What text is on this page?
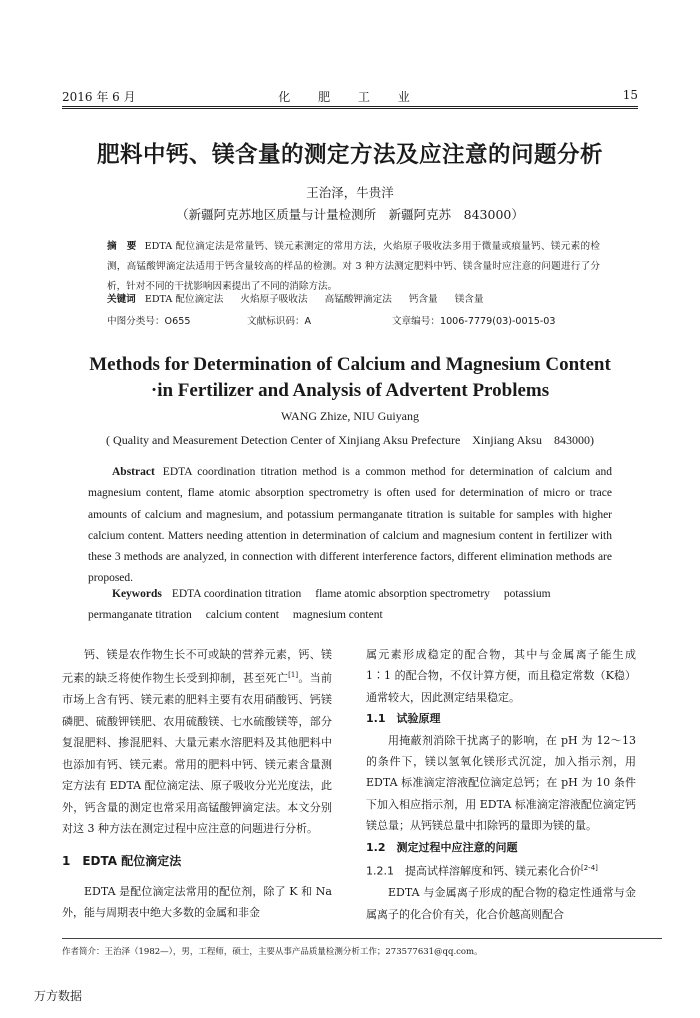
2016 年 6 月	化 肥 工 业	15
肥料中钙、镁含量的测定方法及应注意的问题分析
王治泽，牛贵洋
（新疆阿克苏地区质量与计量检测所　新疆阿克苏　843000）
摘　要 EDTA 配位滴定法是常量钙、镁元素测定的常用方法，火焰原子吸收法多用于微量或痕量钙、镁元素的检测，高锰酸钾滴定法适用于钙含量较高的样品的检测。对 3 种方法测定肥料中钙、镁含量时应注意的问题进行了分析，针对不同的干扰影响因素提出了不同的消除方法。
关键词 EDTA 配位滴定法 火焰原子吸收法 高锰酸钾滴定法 钙含量 镁含量
中图分类号：O655	文献标识码：A	文章编号：1006-7779(03)-0015-03
Methods for Determination of Calcium and Magnesium Content
·in Fertilizer and Analysis of Advertent Problems
WANG Zhize, NIU Guiyang
( Quality and Measurement Detection Center of Xinjiang Aksu Prefecture　Xinjiang Aksu　843000)
Abstract EDTA coordination titration method is a common method for determination of calcium and magnesium content, flame atomic absorption spectrometry is often used for determination of micro or trace amounts of calcium and magnesium, and potassium permanganate titration is suitable for samples with higher calcium content. Matters needing attention in determination of calcium and magnesium content in fertilizer with these 3 methods are analyzed, in connection with different interference factors, different elimination methods are proposed.
Keywords EDTA coordination titration flame atomic absorption spectrometry potassium permanganate titration calcium content magnesium content

钙、镁是农作物生长不可或缺的营养元素，钙、镁元素的缺乏将使作物生长受到抑制，甚至死亡[1]。当前市场上含有钙、镁元素的肥料主要有农用硝酸钙、钙镁磷肥、硫酸钾镁肥、农用硫酸镁、七水硫酸镁等，部分复混肥料、掺混肥料、大量元素水溶肥料及其他肥料中也添加有钙、镁元素。常用的肥料中钙、镁元素含量测定方法有 EDTA 配位滴定法、原子吸收分光光度法，此外，钙含量的测定也常采用高锰酸钾滴定法。本文分别对这 3 种方法在测定过程中应注意的问题进行分析。

1　EDTA 配位滴定法

EDTA 是配位滴定法常用的配位剂，除了 K 和 Na 外，能与周期表中绝大多数的金属和非金

属元素形成稳定的配合物，其中与金属离子能生成 1∶1 的配合物，不仅计算方便，而且稳定常数（K稳）通常较大，因此测定结果稳定。

1.1　试验原理

用掩蔽剂消除干扰离子的影响，在 pH 为 12～13 的条件下，镁以氢氧化镁形式沉淀，加入指示剂，用 EDTA 标准滴定溶液配位滴定总钙；在 pH 为 10 条件下加入相应指示剂，用 EDTA 标准滴定溶液配位滴定钙镁总量；从钙镁总量中扣除钙的量即为镁的量。

1.2　测定过程中应注意的问题
1.2.1　提高试样溶解度和钙、镁元素化合价[2-4]

EDTA 与金属离子形成的配合物的稳定性通常与金属离子的化合价有关，化合价越高则配合

作者简介：王治泽（1982—），男，工程师，硕士，主要从事产品质量检测分析工作；273577631@qq.com。
万方数据
